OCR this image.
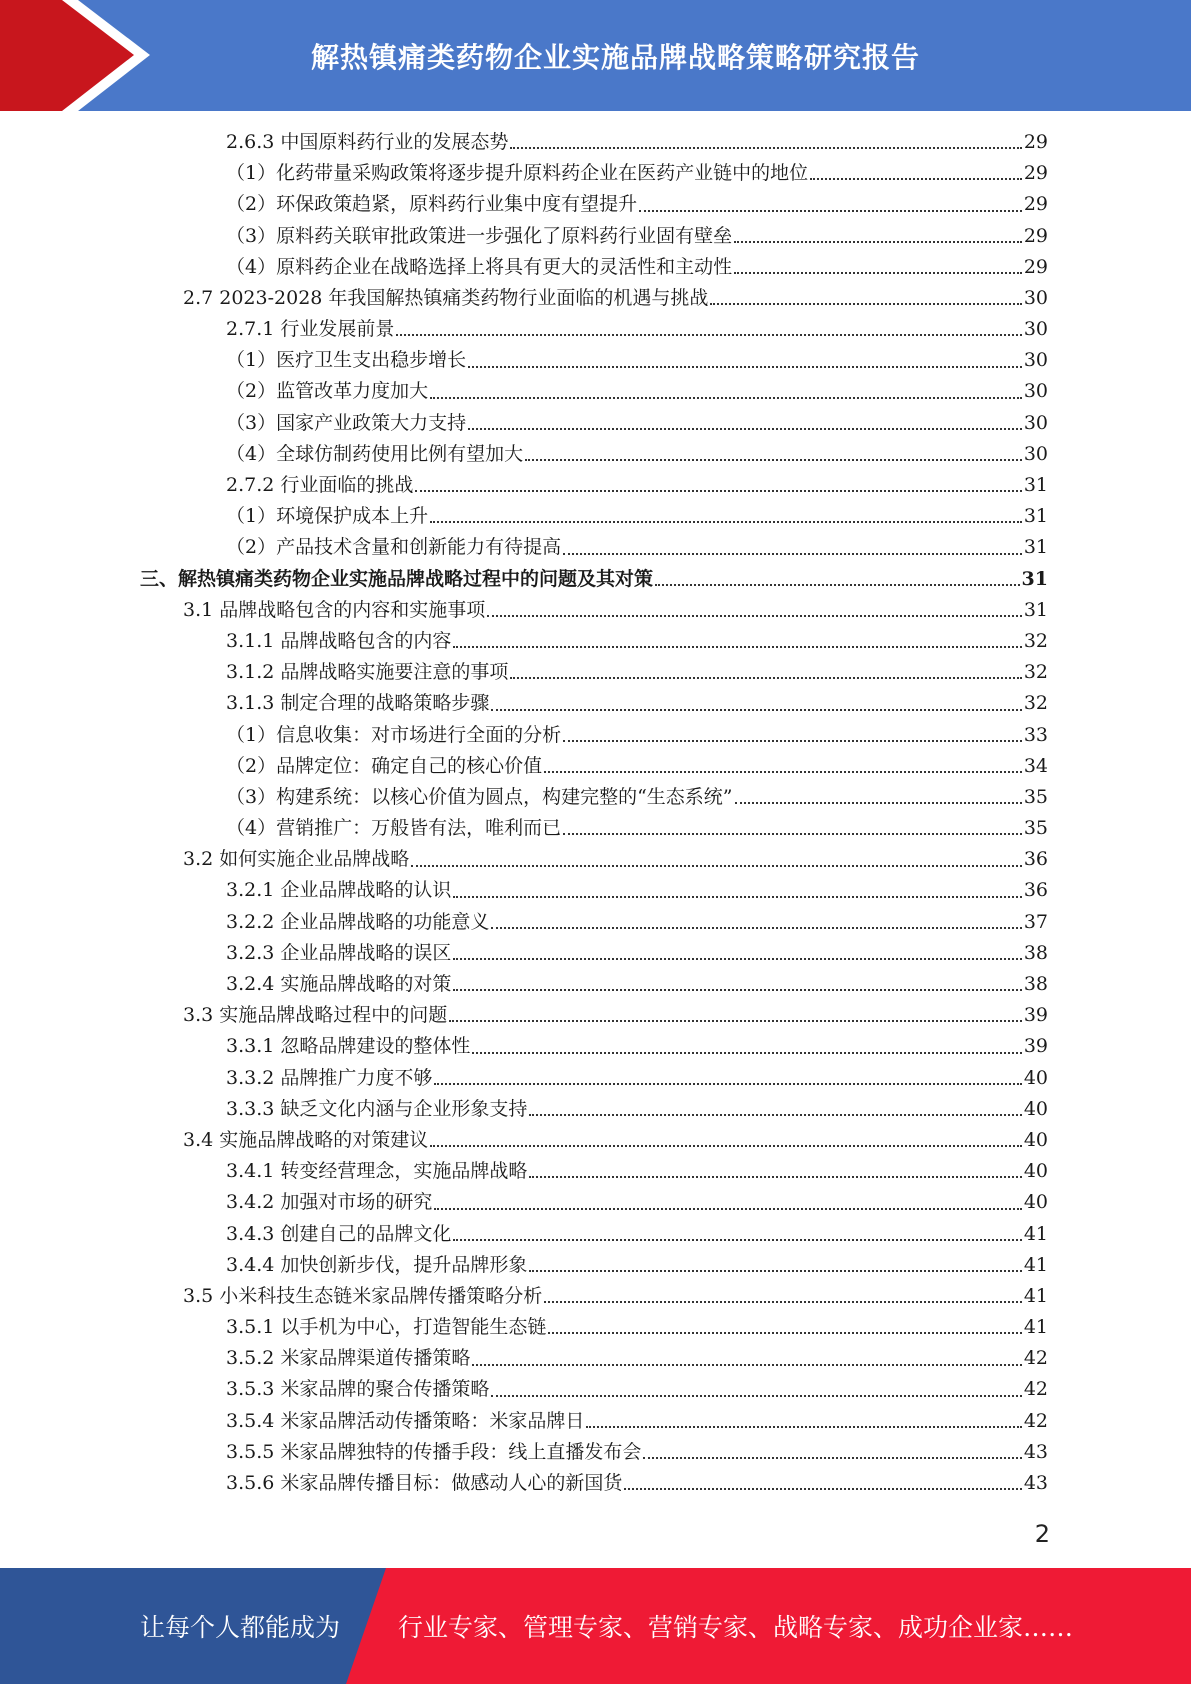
解热镇痛类药物企业实施品牌战略策略研究报告
2.6.3 中国原料药行业的发展态势	29
（1）化药带量采购政策将逐步提升原料药企业在医药产业链中的地位	29
（2）环保政策趋紧，原料药行业集中度有望提升	29
（3）原料药关联审批政策进一步强化了原料药行业固有壁垒	29
（4）原料药企业在战略选择上将具有更大的灵活性和主动性	29
2.7 2023-2028 年我国解热镇痛类药物行业面临的机遇与挑战	30
2.7.1 行业发展前景	30
（1）医疗卫生支出稳步增长	30
（2）监管改革力度加大	30
（3）国家产业政策大力支持	30
（4）全球仿制药使用比例有望加大	30
2.7.2 行业面临的挑战	31
（1）环境保护成本上升	31
（2）产品技术含量和创新能力有待提高	31
三、解热镇痛类药物企业实施品牌战略过程中的问题及其对策	31
3.1 品牌战略包含的内容和实施事项	31
3.1.1 品牌战略包含的内容	32
3.1.2 品牌战略实施要注意的事项	32
3.1.3 制定合理的战略策略步骤	32
（1）信息收集：对市场进行全面的分析	33
（2）品牌定位：确定自己的核心价值	34
（3）构建系统：以核心价值为圆点，构建完整的“生态系统”	35
（4）营销推广：万般皆有法，唯利而已	35
3.2 如何实施企业品牌战略	36
3.2.1 企业品牌战略的认识	36
3.2.2 企业品牌战略的功能意义	37
3.2.3 企业品牌战略的误区	38
3.2.4 实施品牌战略的对策	38
3.3 实施品牌战略过程中的问题	39
3.3.1 忽略品牌建设的整体性	39
3.3.2 品牌推广力度不够	40
3.3.3 缺乏文化内涵与企业形象支持	40
3.4 实施品牌战略的对策建议	40
3.4.1 转变经营理念，实施品牌战略	40
3.4.2 加强对市场的研究	40
3.4.3 创建自己的品牌文化	41
3.4.4 加快创新步伐，提升品牌形象	41
3.5 小米科技生态链米家品牌传播策略分析	41
3.5.1 以手机为中心，打造智能生态链	41
3.5.2 米家品牌渠道传播策略	42
3.5.3 米家品牌的聚合传播策略	42
3.5.4 米家品牌活动传播策略：米家品牌日	42
3.5.5 米家品牌独特的传播手段：线上直播发布会	43
3.5.6 米家品牌传播目标：做感动人心的新国货	43
2
让每个人都能成为 行业专家、管理专家、营销专家、战略专家、成功企业家……
